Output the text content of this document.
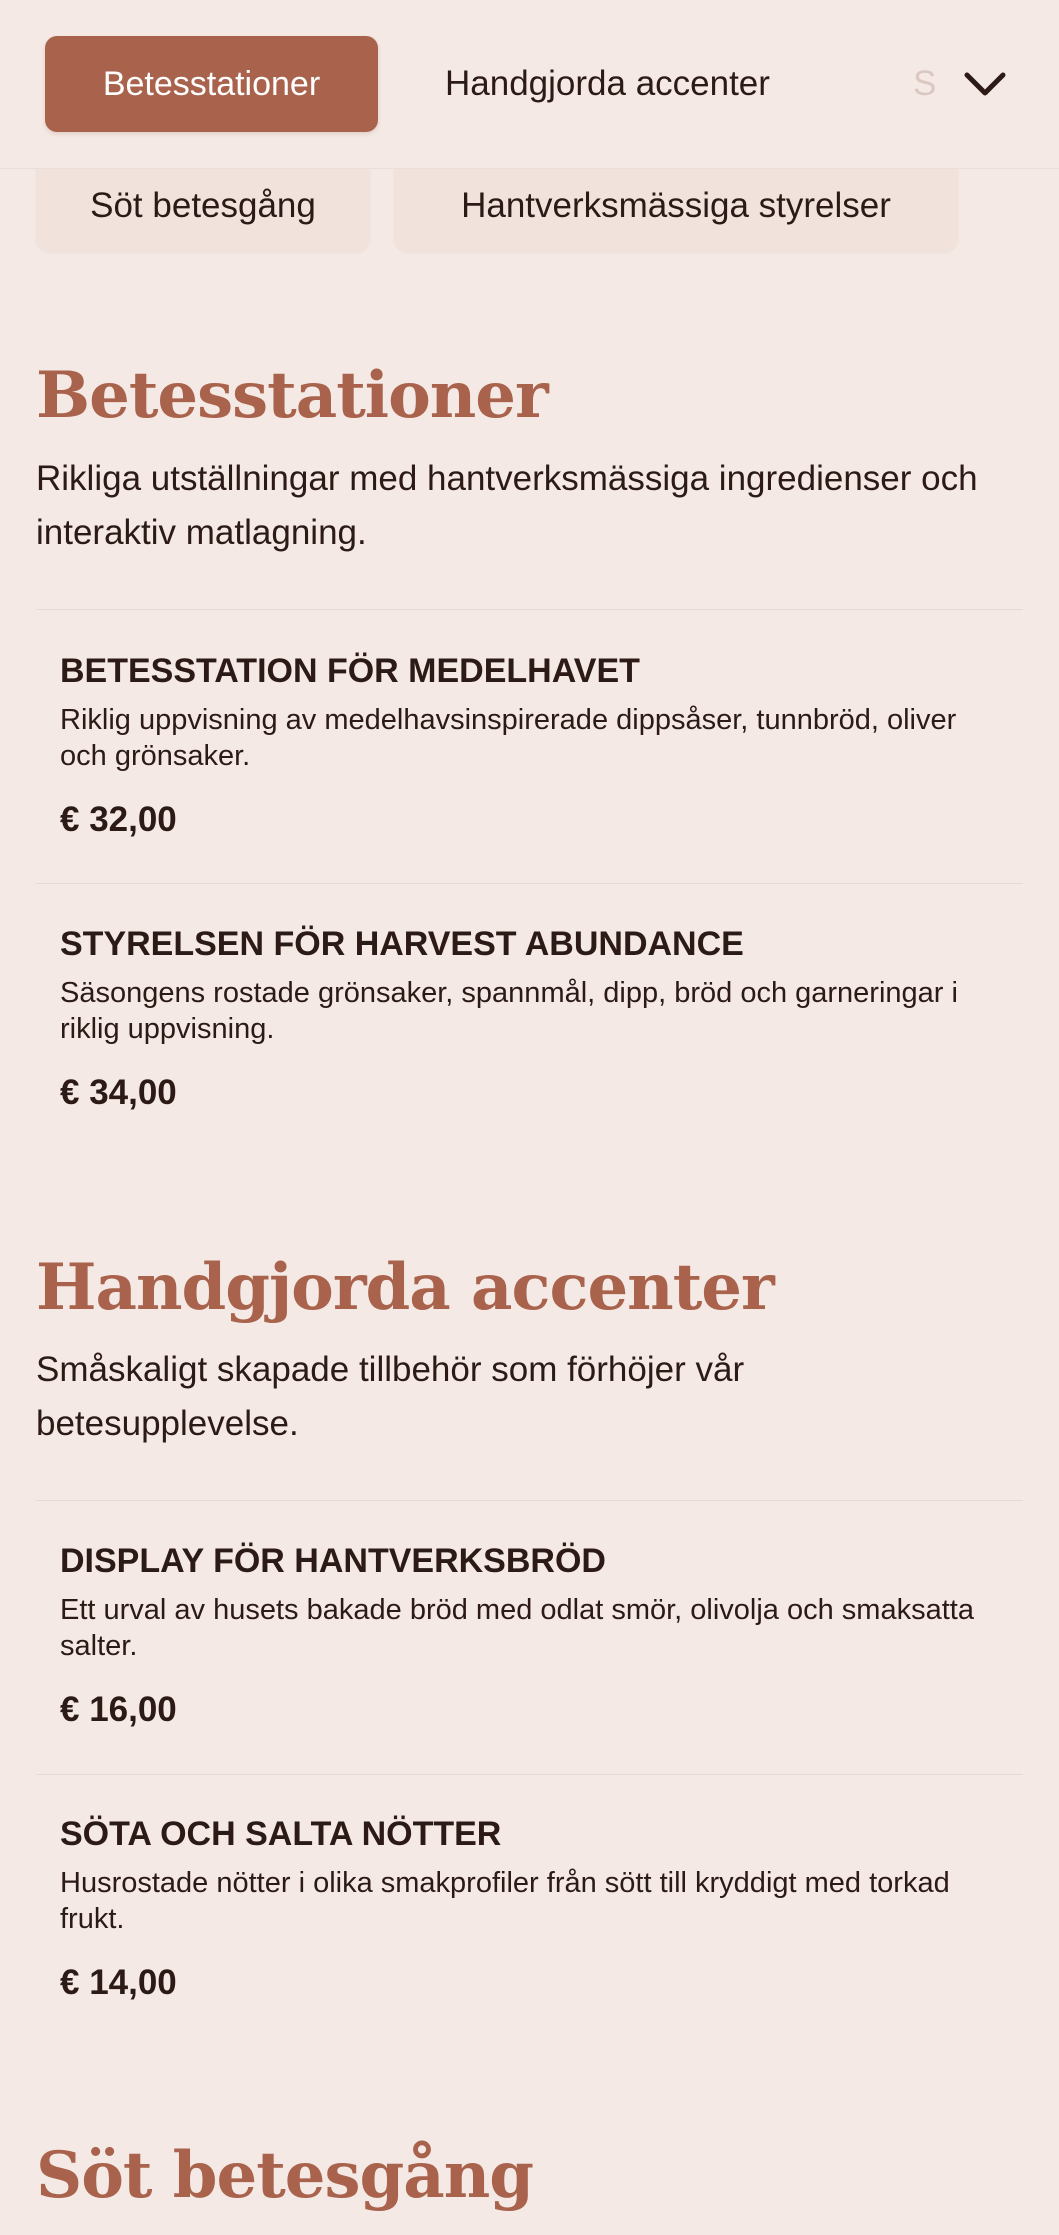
Betesstationer	Handgjorda accenter	S
Söt betesgång	Hantverksmässiga styrelser
Betesstationer

Rikliga utställningar med hantverksmässiga ingredienser och interaktiv matlagning.

BETESSTATION FÖR MEDELHAVET

Riklig uppvisning av medelhavsinspirerade dippsåser, tunnbröd, oliver och grönsaker.

€ 32,00

STYRELSEN FÖR HARVEST ABUNDANCE

Säsongens rostade grönsaker, spannmål, dipp, bröd och garneringar i riklig uppvisning.

€ 34,00

Handgjorda accenter

Småskaligt skapade tillbehör som förhöjer vår betesupplevelse.

DISPLAY FÖR HANTVERKSBRÖD

Ett urval av husets bakade bröd med odlat smör, olivolja och smaksatta salter.

€ 16,00

SÖTA OCH SALTA NÖTTER

Husrostade nötter i olika smakprofiler från sött till kryddigt med torkad frukt.

€ 14,00

Söt betesgång
